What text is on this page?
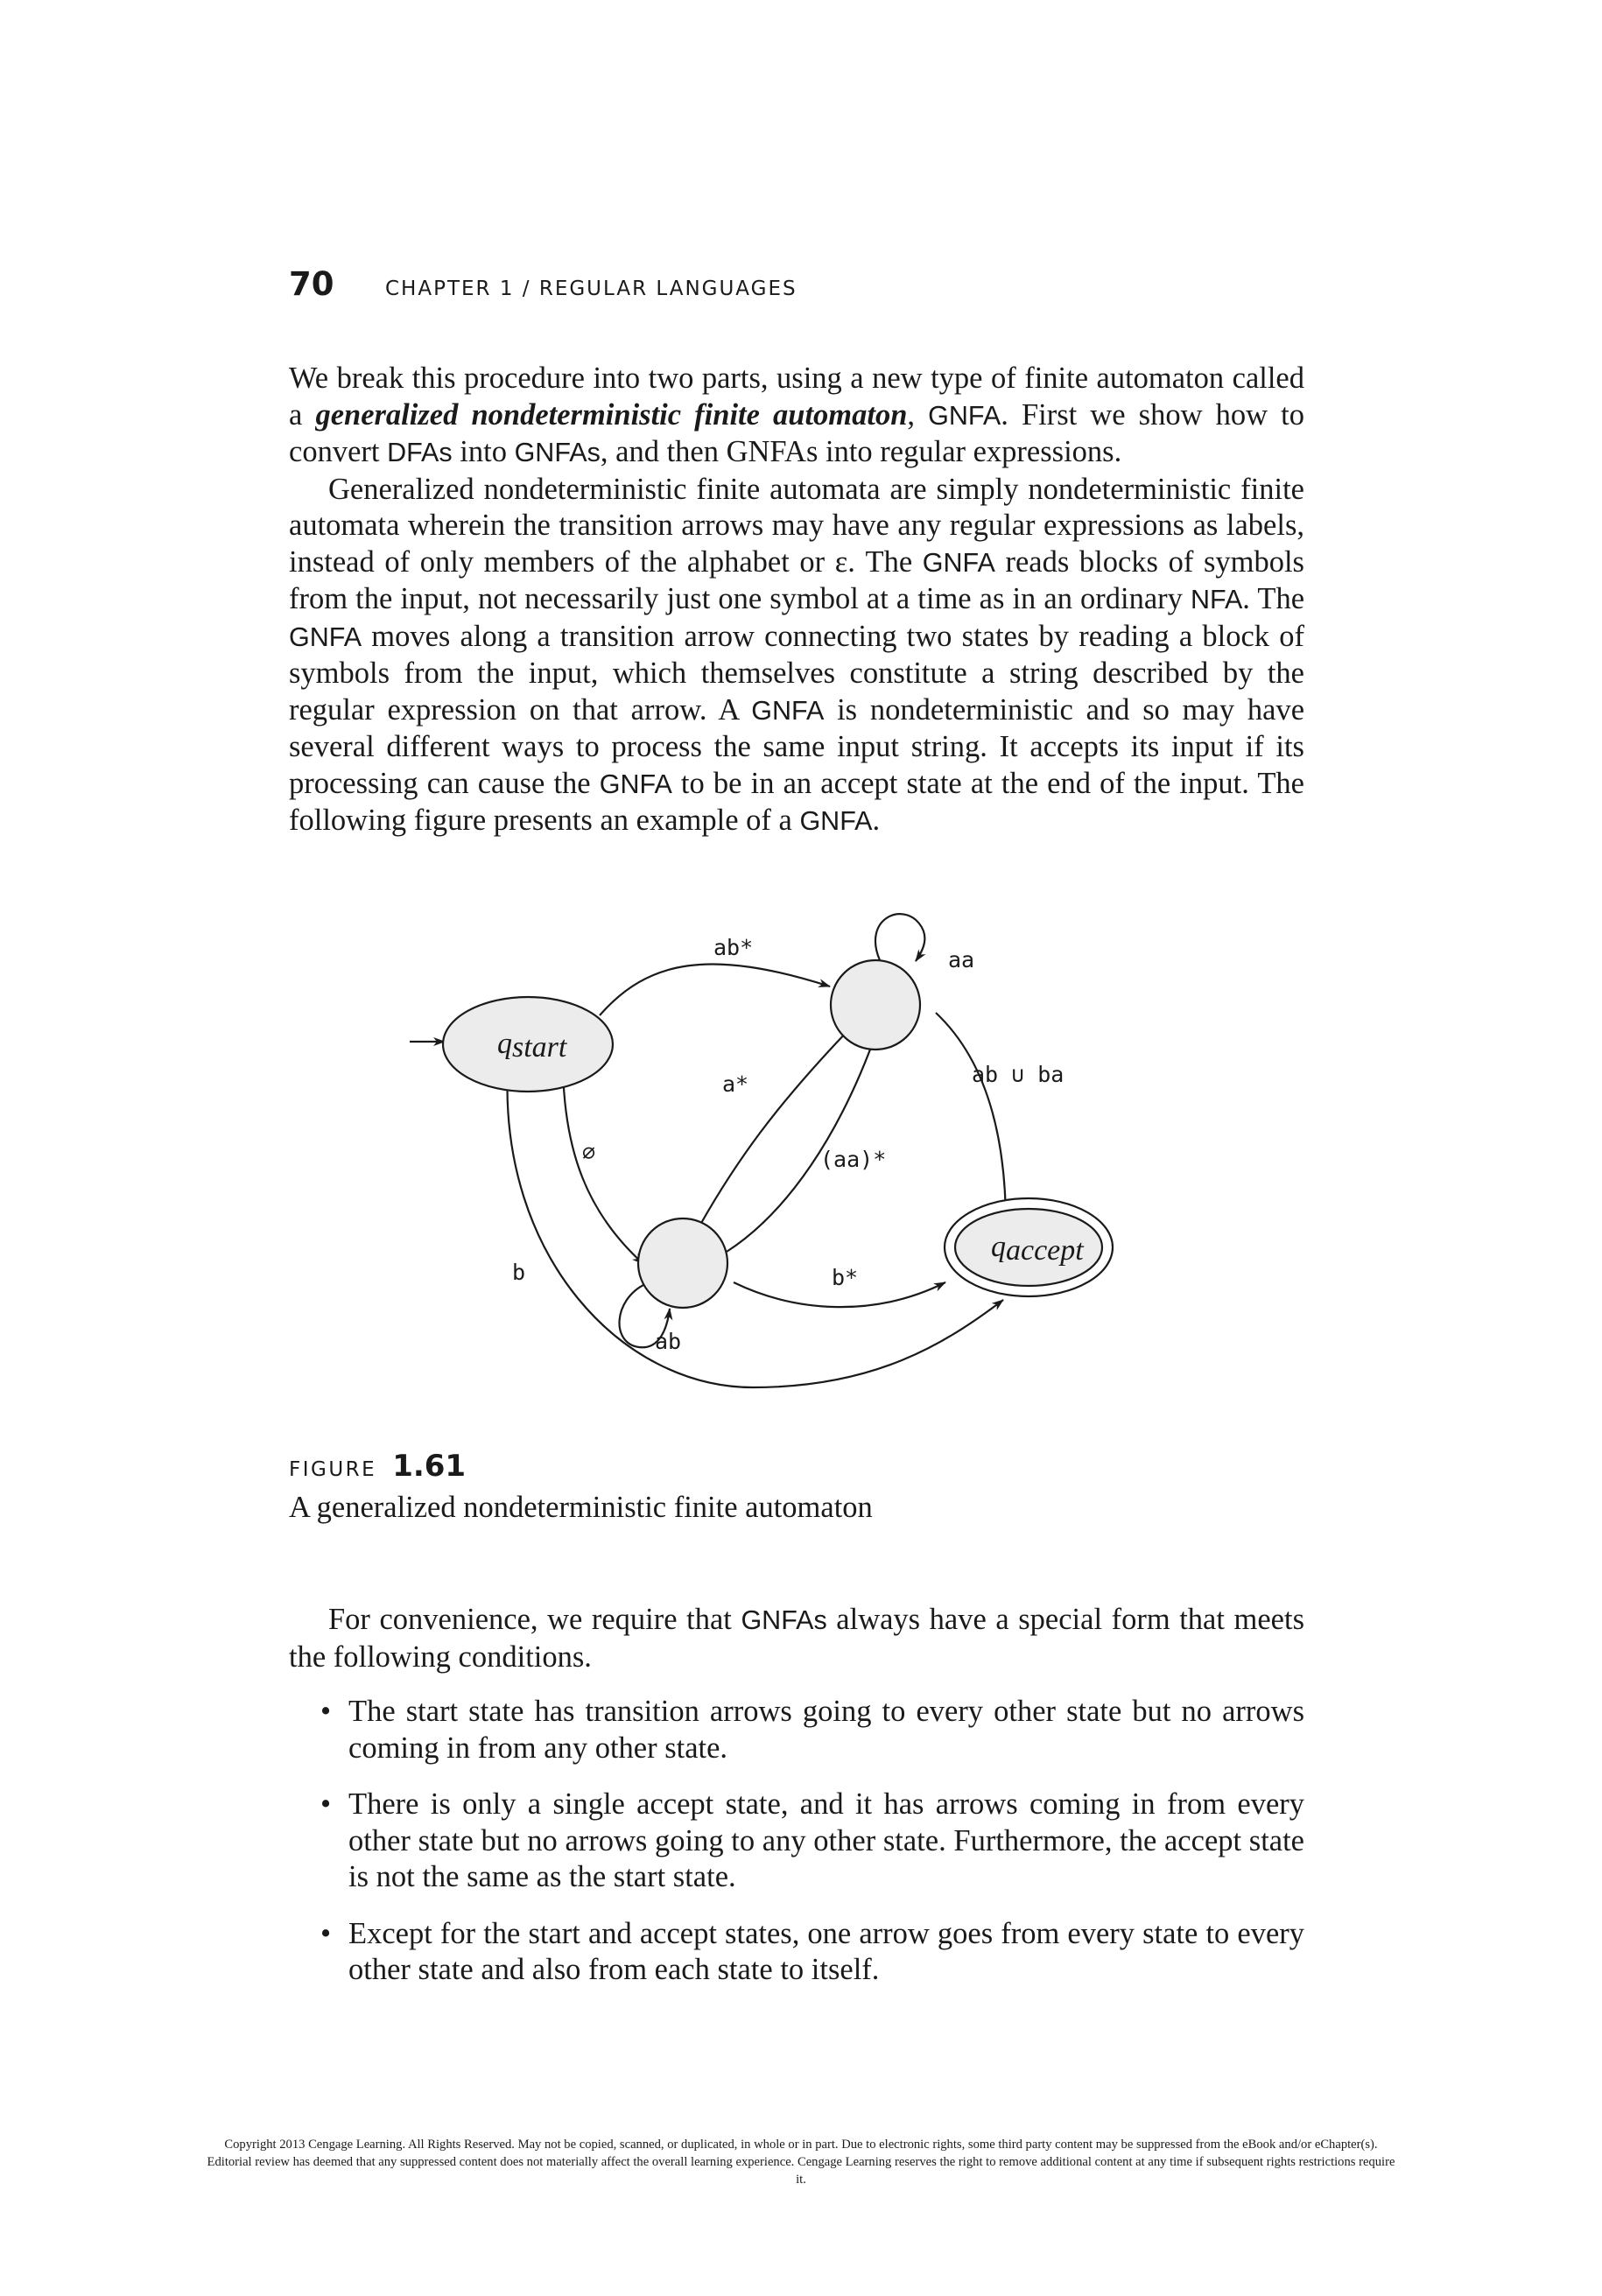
70	CHAPTER 1 / REGULAR LANGUAGES

We break this procedure into two parts, using a new type of finite automaton called a generalized nondeterministic finite automaton, GNFA. First we show how to convert DFAs into GNFAs, and then GNFAs into regular expressions.

Generalized nondeterministic finite automata are simply nondeterministic finite automata wherein the transition arrows may have any regular expressions as labels, instead of only members of the alphabet or ε. The GNFA reads blocks of symbols from the input, not necessarily just one symbol at a time as in an ordinary NFA. The GNFA moves along a transition arrow connecting two states by reading a block of symbols from the input, which themselves constitute a string described by the regular expression on that arrow. A GNFA is nondeterministic and so may have several different ways to process the same input string. It accepts its input if its processing can cause the GNFA to be in an accept state at the end of the input. The following figure presents an example of a GNFA.

qstart
qaccept
ab*	aa
a*	ab ∪ ba
∅	(aa)*
b	b*
ab
FIGURE 1.61
A generalized nondeterministic finite automaton

For convenience, we require that GNFAs always have a special form that meets the following conditions.

• The start state has transition arrows going to every other state but no arrows coming in from any other state.
• There is only a single accept state, and it has arrows coming in from every other state but no arrows going to any other state. Furthermore, the accept state is not the same as the start state.
• Except for the start and accept states, one arrow goes from every state to every other state and also from each state to itself.
Copyright 2013 Cengage Learning. All Rights Reserved. May not be copied, scanned, or duplicated, in whole or in part. Due to electronic rights, some third party content may be suppressed from the eBook and/or eChapter(s). Editorial review has deemed that any suppressed content does not materially affect the overall learning experience. Cengage Learning reserves the right to remove additional content at any time if subsequent rights restrictions require it.
